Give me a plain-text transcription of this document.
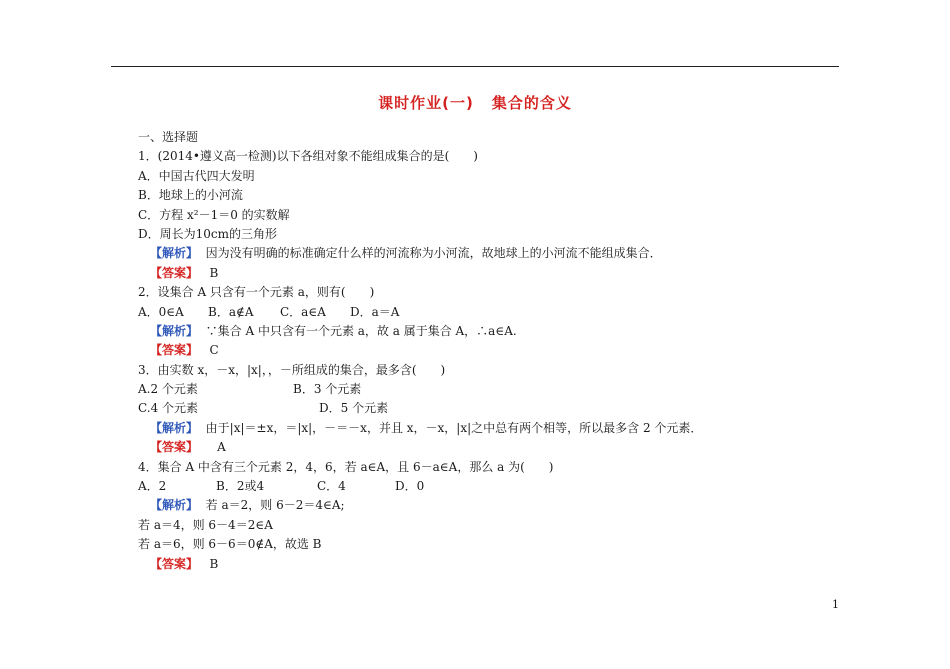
课时作业(一) 集合的含义
一、选择题
1．(2014•遵义高一检测)以下各组对象不能组成集合的是(　　)
A．中国古代四大发明
B．地球上的小河流
C．方程 x²－1＝0 的实数解
D．周长为10cm的三角形
【解析】 因为没有明确的标准确定什么样的河流称为小河流，故地球上的小河流不能组成集合．
【答案】 B
2．设集合 A 只含有一个元素 a，则有(　　)
A．0∈A B．a∉A C．a∈A D．a＝A
【解析】 ∵集合 A 中只含有一个元素 a，故 a 属于集合 A，∴a∈A.
【答案】 C
3．由实数 x，－x，|x|，，－所组成的集合，最多含(　　)
A.2 个元素	B．3 个元素
C.4 个元素	D．5 个元素
【解析】 由于|x|＝±x，＝|x|，－＝－x，并且 x，－x，|x|之中总有两个相等，所以最多含 2 个元素．
【答案】 A
4．集合 A 中含有三个元素 2，4，6，若 a∈A，且 6－a∈A，那么 a 为(　　)
A．2	B．2或4	C．4	D．0
【解析】 若 a＝2，则 6－2＝4∈A;
若 a＝4，则 6－4＝2∈A
若 a＝6，则 6－6＝0∉A，故选 B
【答案】 B
1
